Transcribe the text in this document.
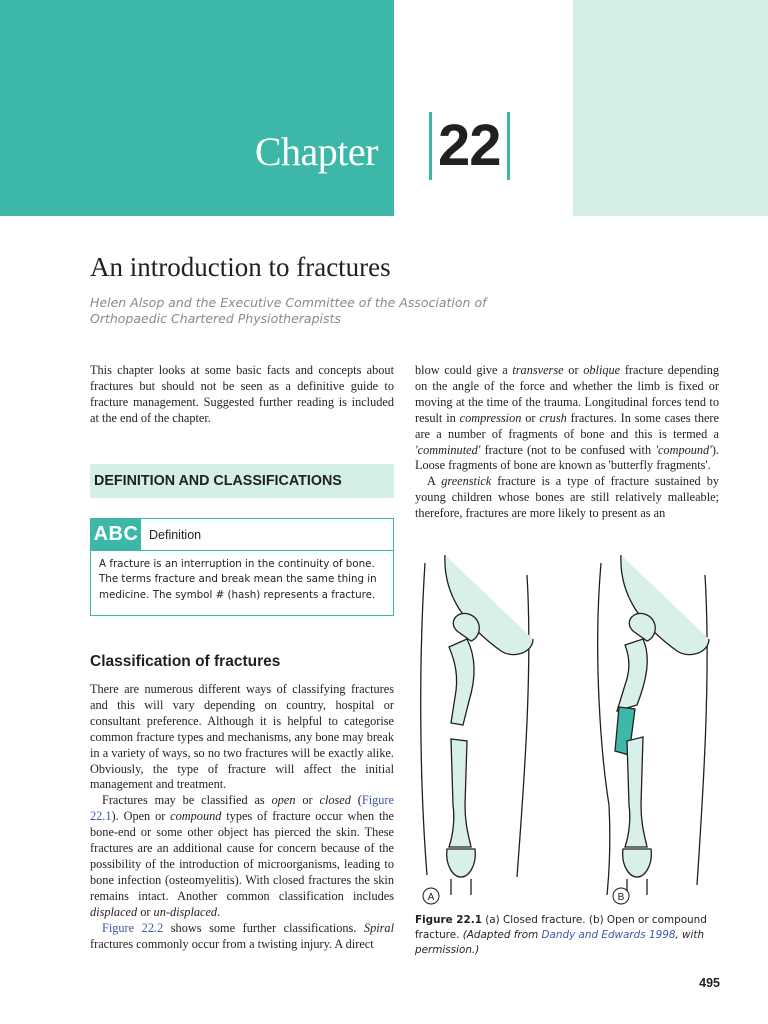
Chapter 22
An introduction to fractures
Helen Alsop and the Executive Committee of the Association of Orthopaedic Chartered Physiotherapists

This chapter looks at some basic facts and concepts about fractures but should not be seen as a definitive guide to fracture management. Suggested further reading is included at the end of the chapter.

DEFINITION AND CLASSIFICATIONS
ABC Definition
A fracture is an interruption in the continuity of bone. The terms fracture and break mean the same thing in medicine. The symbol # (hash) represents a fracture.
Classification of fractures

There are numerous different ways of classifying fractures and this will vary depending on country, hospital or consultant preference. Although it is helpful to categorise common fracture types and mechanisms, any bone may break in a variety of ways, so no two fractures will be exactly alike. Obviously, the type of fracture will affect the initial management and treatment.

Fractures may be classified as open or closed (Figure 22.1). Open or compound types of fracture occur when the bone-end or some other object has pierced the skin. These fractures are an additional cause for concern because of the possibility of the introduction of microorganisms, leading to bone infection (osteomyelitis). With closed fractures the skin remains intact. Another common classification includes displaced or un-displaced.

Figure 22.2 shows some further classifications. Spiral fractures commonly occur from a twisting injury. A direct

blow could give a transverse or oblique fracture depending on the angle of the force and whether the limb is fixed or moving at the time of the trauma. Longitudinal forces tend to result in compression or crush fractures. In some cases there are a number of fragments of bone and this is termed a 'comminuted' fracture (not to be confused with 'compound'). Loose fragments of bone are known as 'butterfly fragments'.

A greenstick fracture is a type of fracture sustained by young children whose bones are still relatively malleable; therefore, fractures are more likely to present as an

A	B
Figure 22.1 (a) Closed fracture. (b) Open or compound fracture. (Adapted from Dandy and Edwards 1998, with permission.)
495
